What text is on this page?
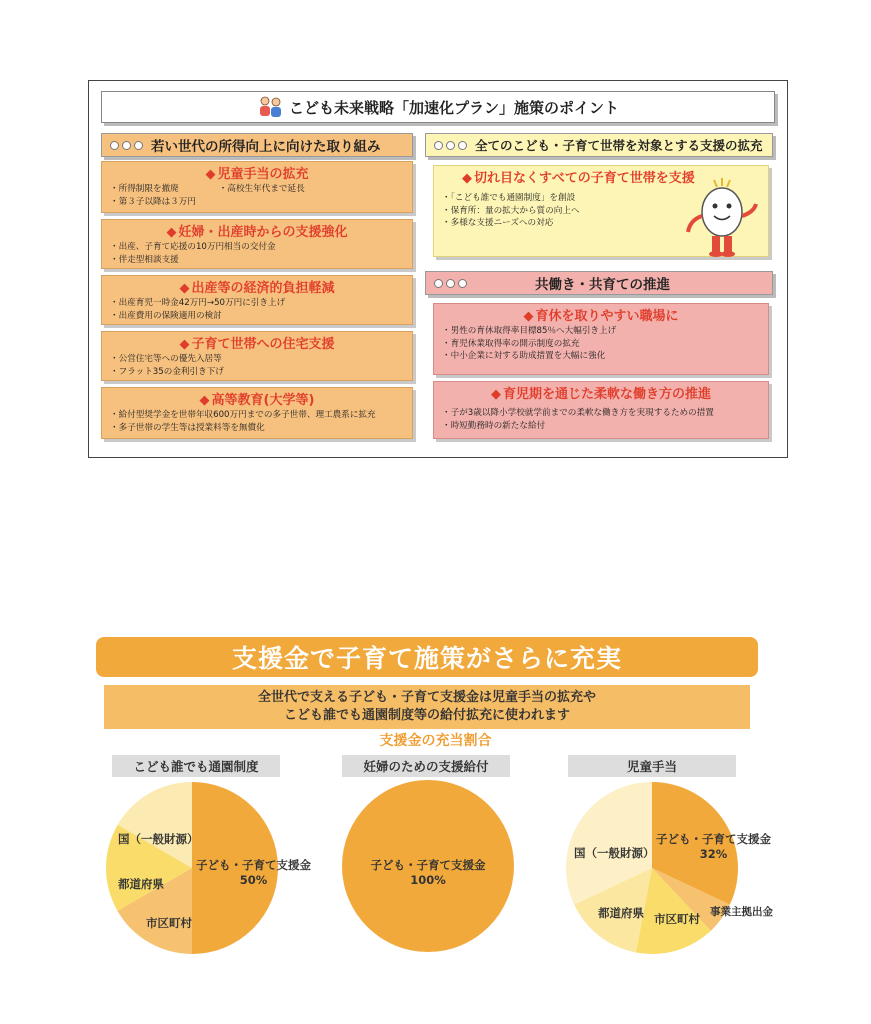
こども未来戦略「加速化プラン」施策のポイント
若い世代の所得向上に向けた取り組み
◆ 児童手当の拡充
・所得制限を撤廃	・高校生年代まで延長
・第３子以降は３万円
◆ 妊婦・出産時からの支援強化
・出産、子育て応援の10万円相当の交付金
・伴走型相談支援
◆ 出産等の経済的負担軽減
・出産育児一時金42万円→50万円に引き上げ
・出産費用の保険適用の検討
◆ 子育て世帯への住宅支援
・公営住宅等への優先入居等
・フラット35の金利引き下げ
◆ 高等教育(大学等)
・給付型奨学金を世帯年収600万円までの多子世帯、理工農系に拡充
・多子世帯の学生等は授業料等を無償化
全てのこども・子育て世帯を対象とする支援の拡充
◆ 切れ目なくすべての子育て世帯を支援
・「こども誰でも通園制度」を創設
・保育所：量の拡大から質の向上へ
・多様な支援ニーズへの対応
共働き・共育ての推進
◆ 育休を取りやすい職場に
・男性の育休取得率目標85％へ大幅引き上げ
・育児休業取得率の開示制度の拡充
・中小企業に対する助成措置を大幅に強化
◆ 育児期を通じた柔軟な働き方の推進
・子が3歳以降小学校就学前までの柔軟な働き方を実現するための措置
・時短勤務時の新たな給付
支援金で子育て施策がさらに充実
全世代で支える子ども・子育て支援金は児童手当の拡充や
こども誰でも通園制度等の給付拡充に使われます
支援金の充当割合
こども誰でも通園制度
子ども・子育て支援金
50%
国（一般財源）
都道府県
市区町村
妊婦のための支援給付
子ども・子育て支援金
100%
児童手当
子ども・子育て支援金
32%
事業主拠出金
市区町村
都道府県
国（一般財源）
